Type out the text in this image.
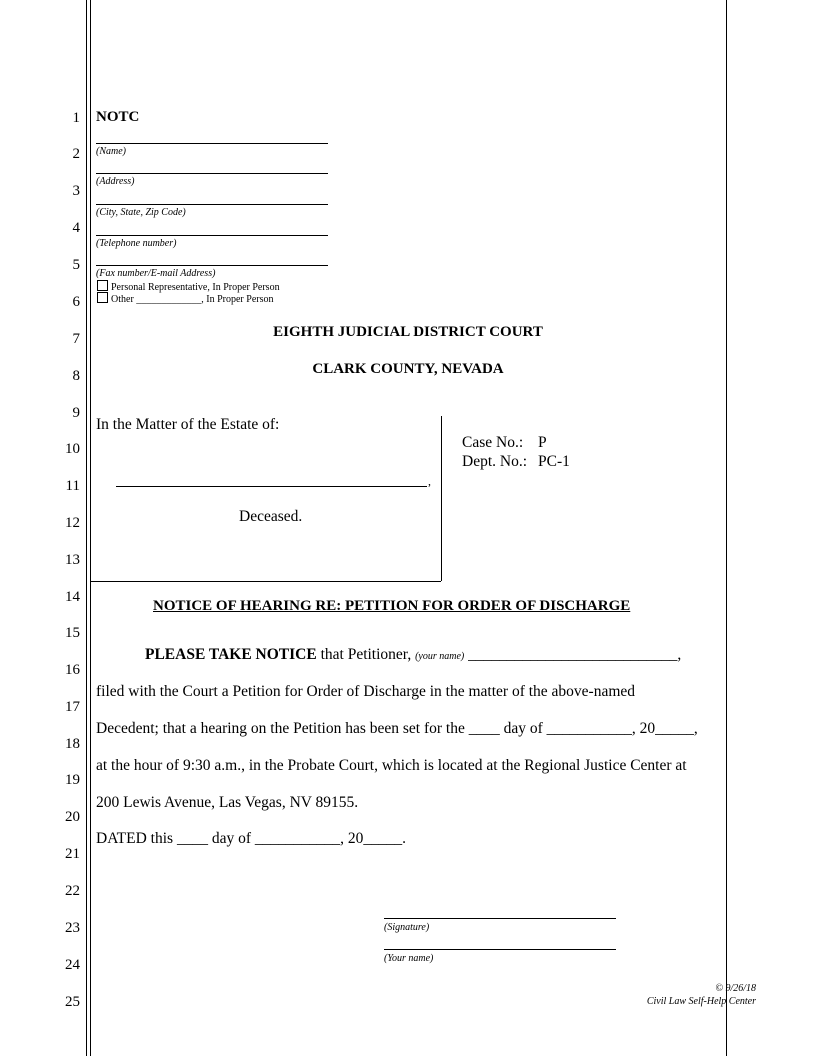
1
2
3
4
5
6
7
8
9
10
11
12
13
14
15
16
17
18
19
20
21
22
23
24
25
NOTC
(Name)
(Address)
(City, State, Zip Code)
(Telephone number)
(Fax number/E-mail Address)
Personal Representative, In Proper Person
Other _____________, In Proper Person
EIGHTH JUDICIAL DISTRICT COURT
CLARK COUNTY, NEVADA
In the Matter of the Estate of:
,
Deceased.
Case No.: P
Dept. No.: PC-1
NOTICE OF HEARING RE: PETITION FOR ORDER OF DISCHARGE
PLEASE TAKE NOTICE that Petitioner, (your name) ___________________________,
filed with the Court a Petition for Order of Discharge in the matter of the above-named
Decedent; that a hearing on the Petition has been set for the ____ day of ___________, 20_____,
at the hour of 9:30 a.m., in the Probate Court, which is located at the Regional Justice Center at
200 Lewis Avenue, Las Vegas, NV 89155.
DATED this ____ day of ___________, 20_____.
(Signature)
(Your name)
© 9/26/18
Civil Law Self-Help Center
